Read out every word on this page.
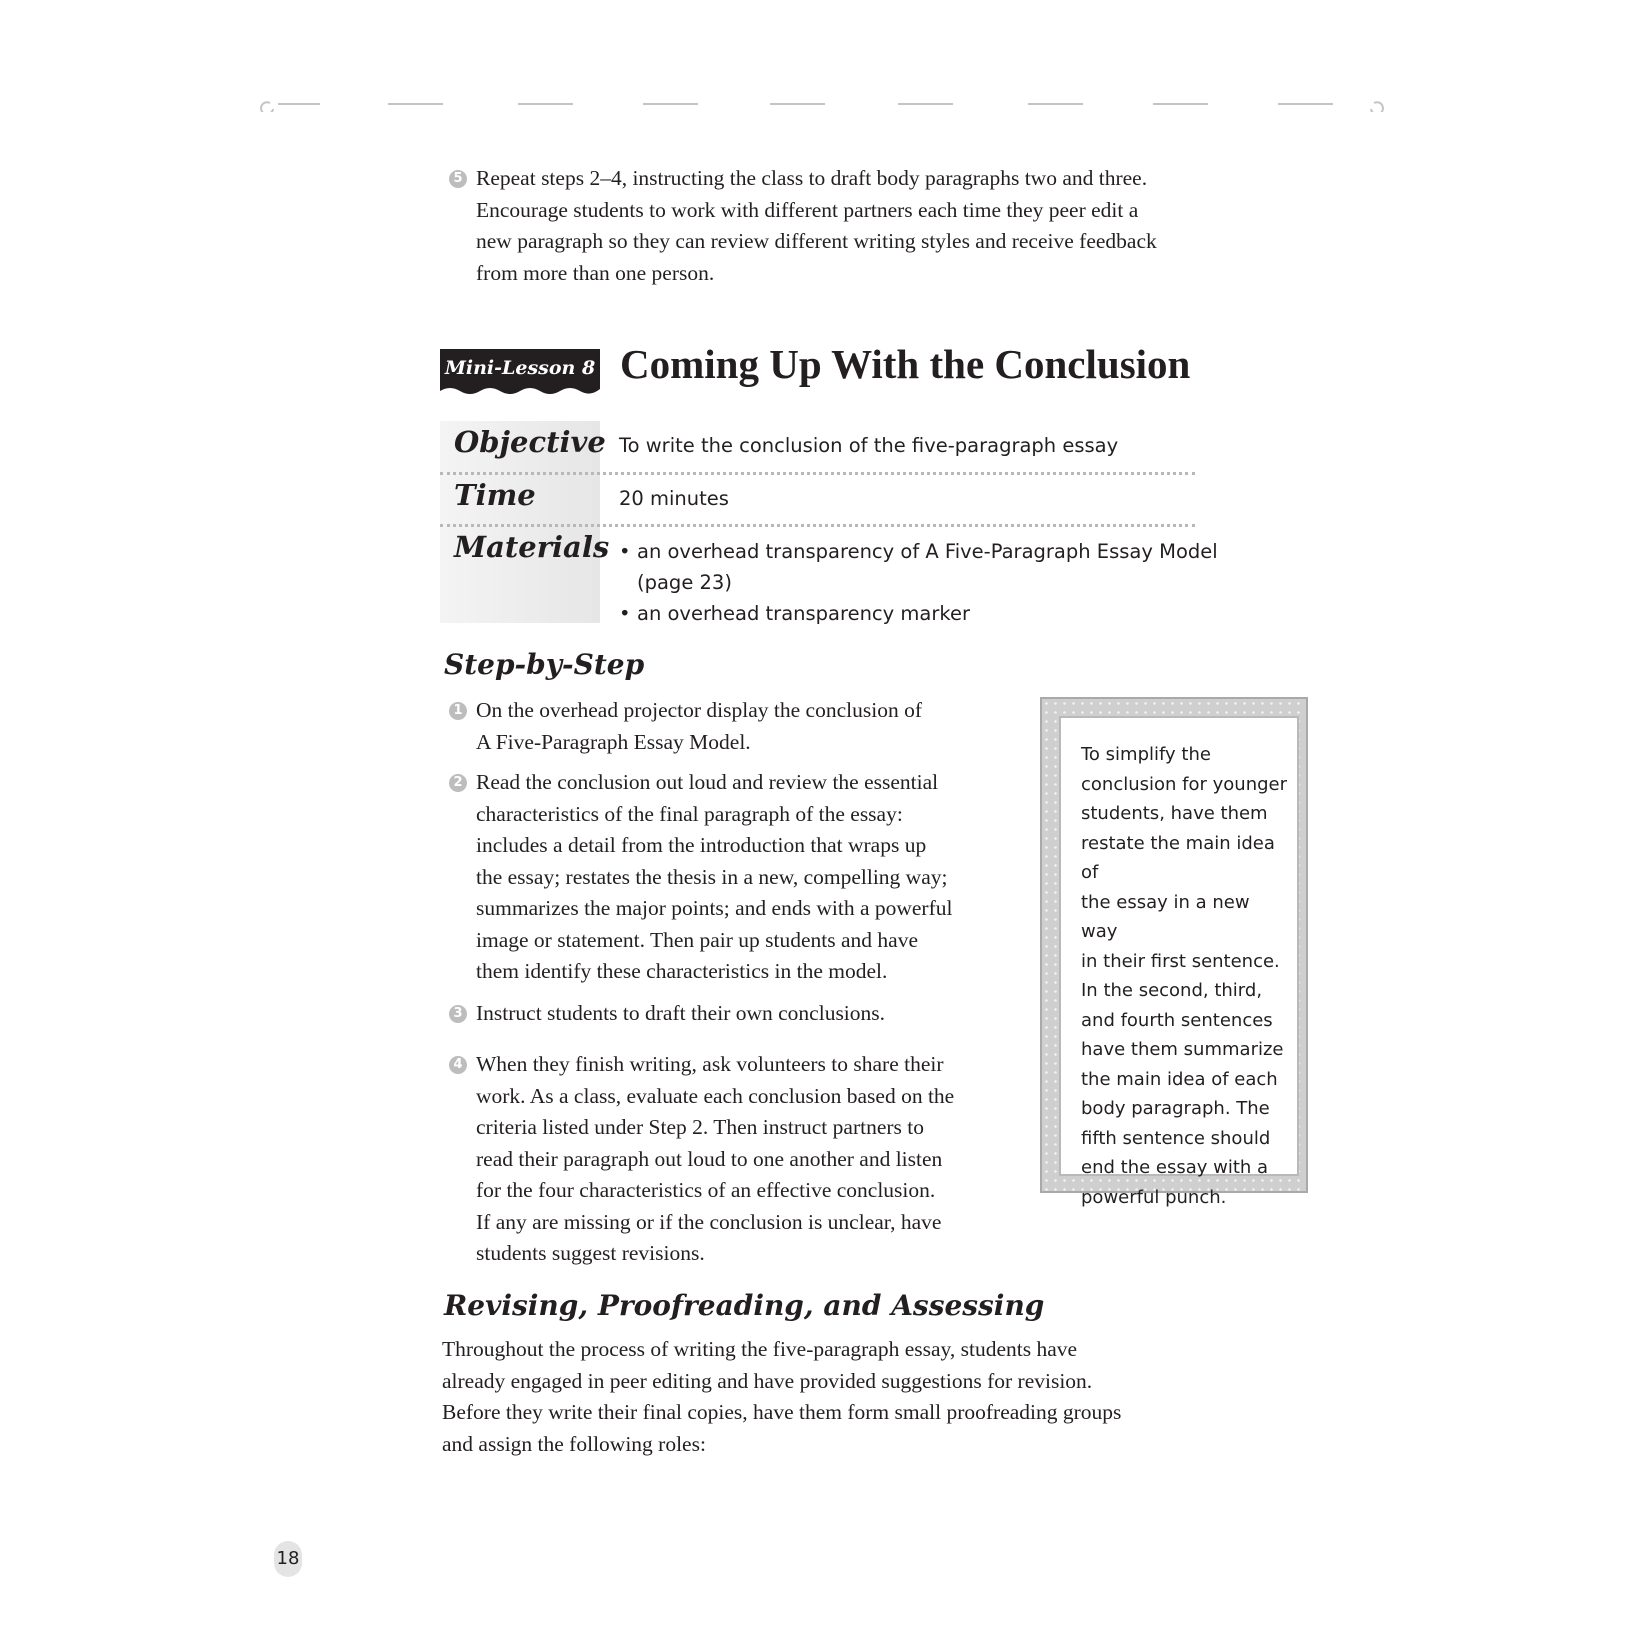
5 Repeat steps 2–4, instructing the class to draft body paragraphs two and three.
Encourage students to work with different partners each time they peer edit a
new paragraph so they can review different writing styles and receive feedback
from more than one person.
Mini-Lesson 8 Coming Up With the Conclusion
Objective To write the conclusion of the five-paragraph essay
Time	20 minutes
Materials • an overhead transparency of A Five-Paragraph Essay Model
(page 23)
• an overhead transparency marker
Step-by-Step
1 On the overhead projector display the conclusion of
A Five-Paragraph Essay Model.
2 Read the conclusion out loud and review the essential
characteristics of the final paragraph of the essay:
includes a detail from the introduction that wraps up
the essay; restates the thesis in a new, compelling way;
summarizes the major points; and ends with a powerful
image or statement. Then pair up students and have
them identify these characteristics in the model.
3 Instruct students to draft their own conclusions.
4 When they finish writing, ask volunteers to share their
work. As a class, evaluate each conclusion based on the
criteria listed under Step 2. Then instruct partners to
read their paragraph out loud to one another and listen
for the four characteristics of an effective conclusion.
If any are missing or if the conclusion is unclear, have
students suggest revisions.
To simplify the
conclusion for younger
students, have them
restate the main idea of
the essay in a new way
in their first sentence.
In the second, third,
and fourth sentences
have them summarize
the main idea of each
body paragraph. The
fifth sentence should
end the essay with a
powerful punch.
Revising, Proofreading, and Assessing
Throughout the process of writing the five-paragraph essay, students have
already engaged in peer editing and have provided suggestions for revision.
Before they write their final copies, have them form small proofreading groups
and assign the following roles:
18
